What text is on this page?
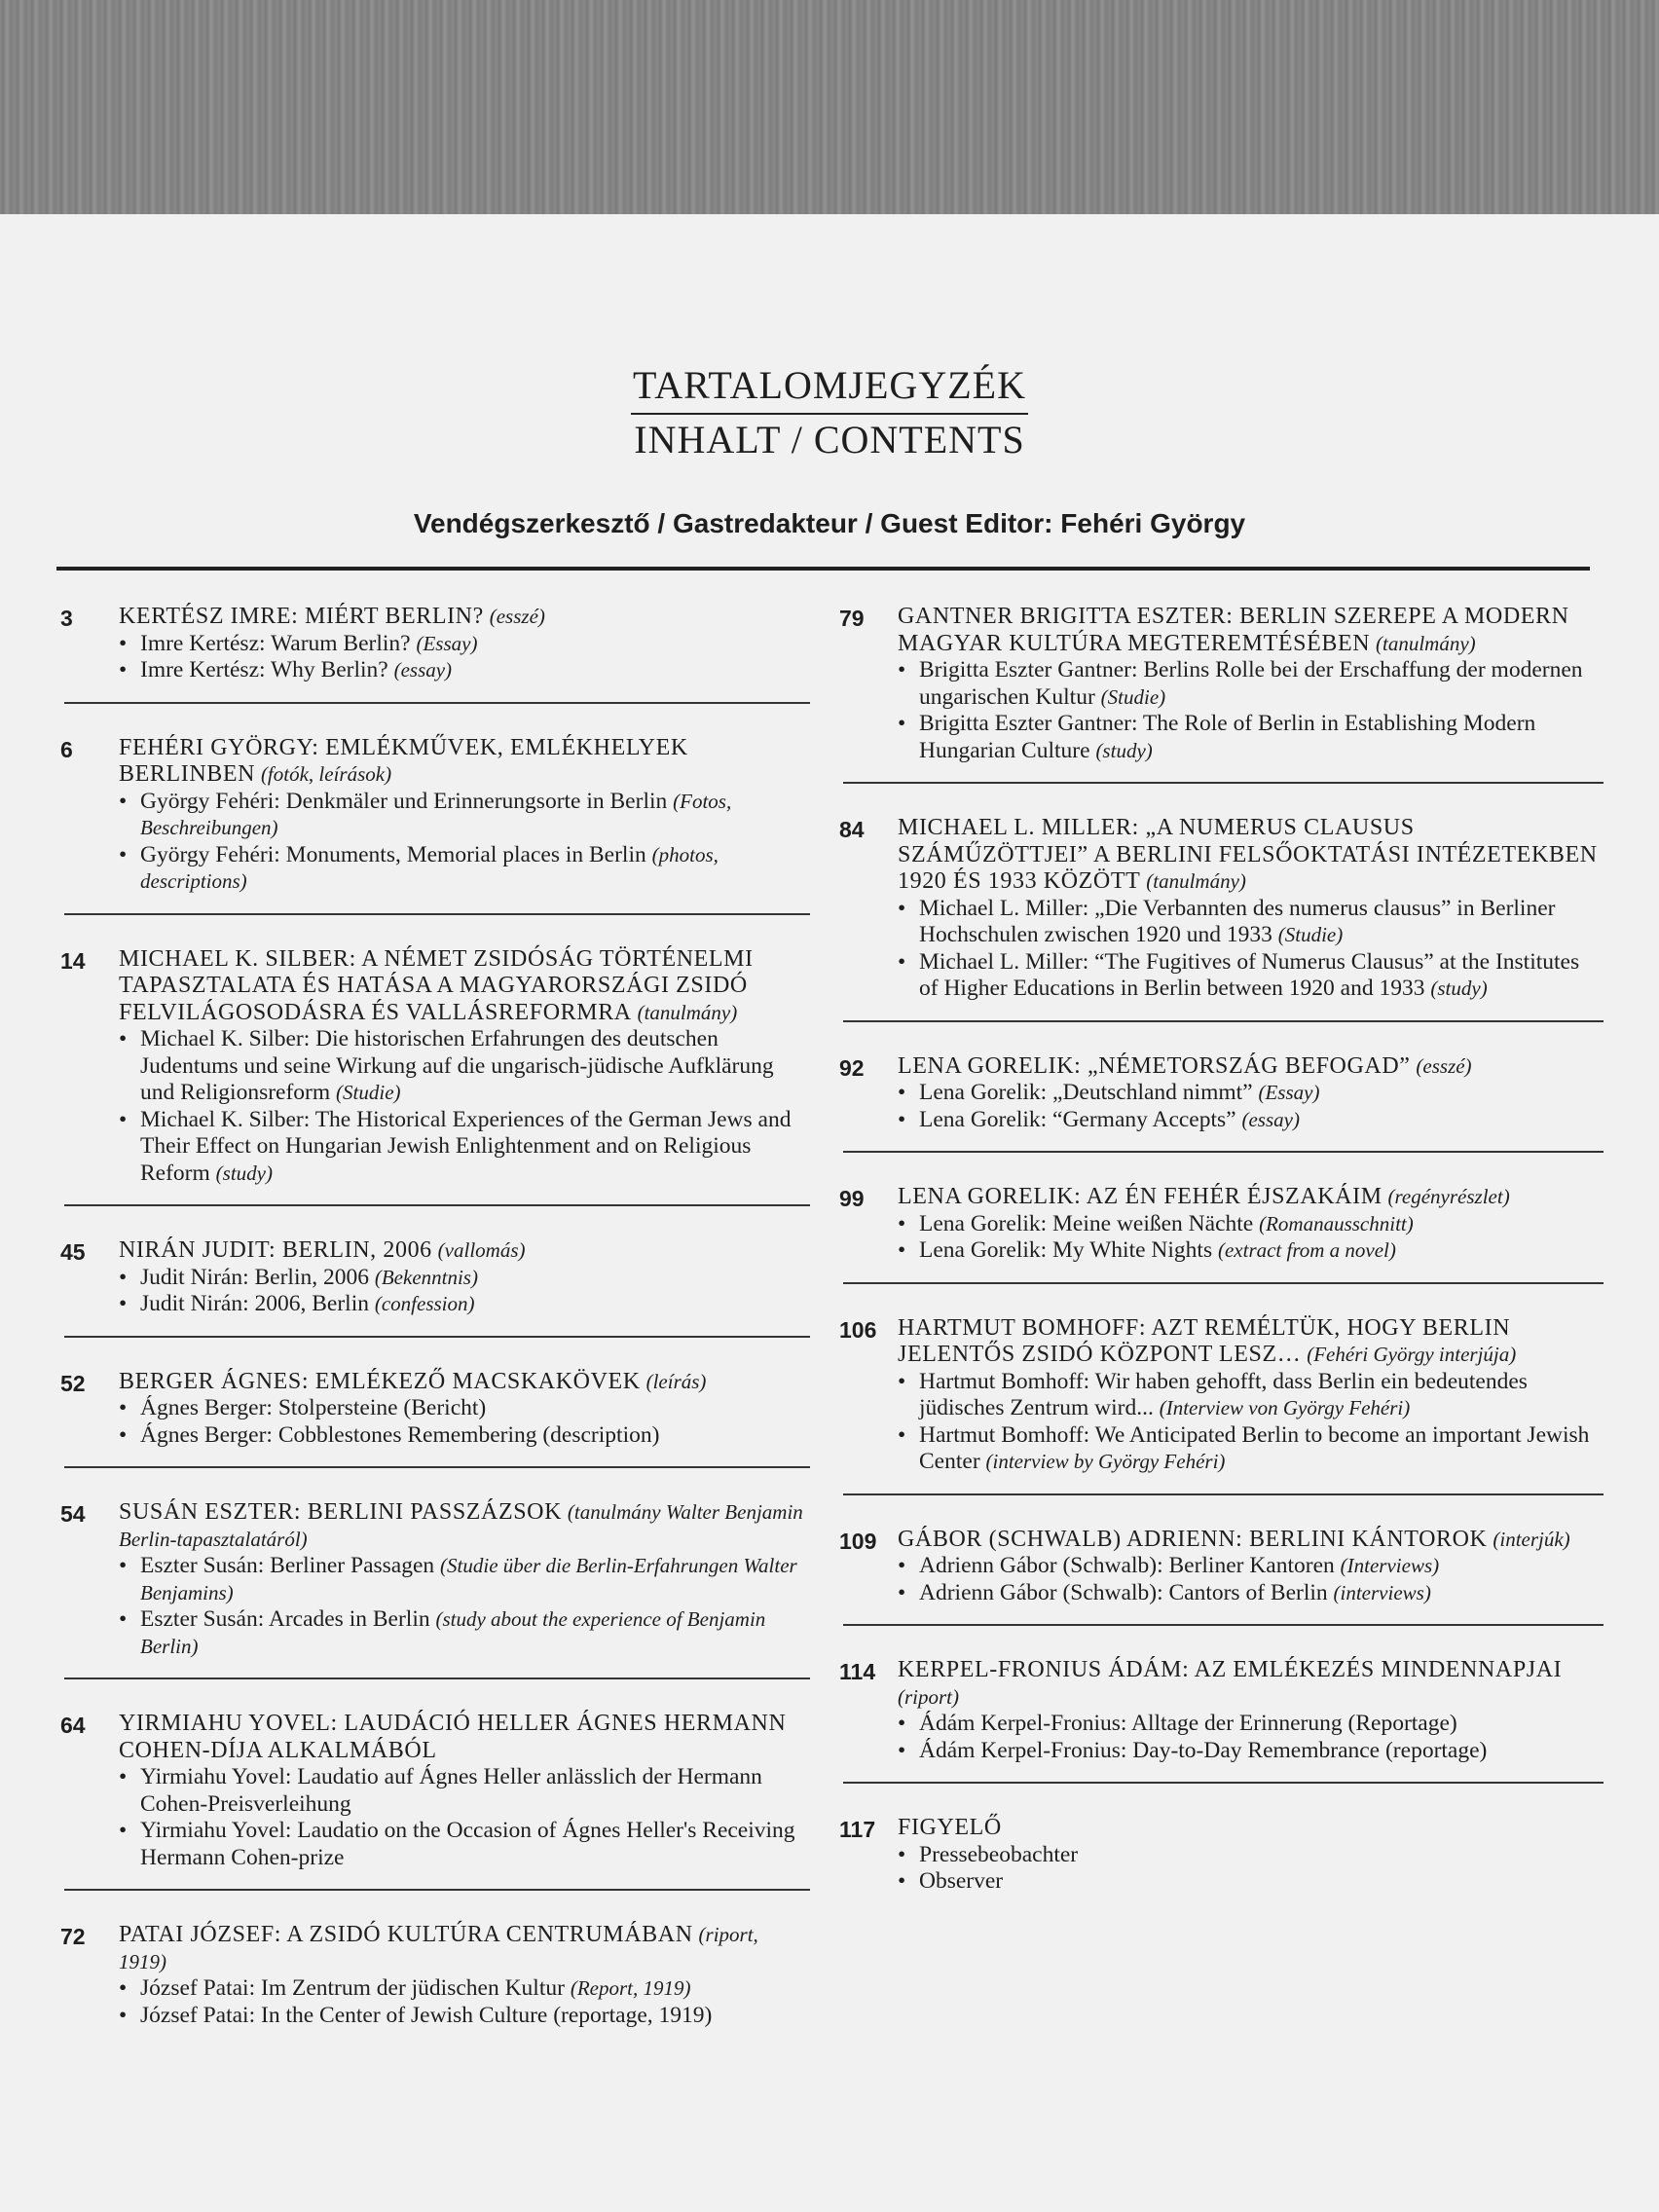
TARTALOMJEGYZÉK
INHALT / CONTENTS
Vendégszerkesztő / Gastredakteur / Guest Editor: Fehéri György
3 KERTÉSZ IMRE: MIÉRT BERLIN? (esszé)
• Imre Kertész: Warum Berlin? (Essay)
• Imre Kertész: Why Berlin? (essay)
6 FEHÉRI GYÖRGY: EMLÉKMŰVEK, EMLÉKHELYEK BERLINBEN (fotók, leírások)
• György Fehéri: Denkmäler und Erinnerungsorte in Berlin (Fotos, Beschreibungen)
• György Fehéri: Monuments, Memorial places in Berlin (photos, descriptions)
14 MICHAEL K. SILBER: A NÉMET ZSIDÓSÁG TÖRTÉNELMI TAPASZTALATA ÉS HATÁSA A MAGYARORSZÁGI ZSIDÓ FELVILÁGOSODÁSRA ÉS VALLÁSREFORMRA (tanulmány)
• Michael K. Silber: Die historischen Erfahrungen des deutschen Judentums und seine Wirkung auf die ungarisch-jüdische Aufklärung und Religionsreform (Studie)
• Michael K. Silber: The Historical Experiences of the German Jews and Their Effect on Hungarian Jewish Enlightenment and on Religious Reform (study)
45 NIRÁN JUDIT: BERLIN, 2006 (vallomás)
• Judit Nirán: Berlin, 2006 (Bekenntnis)
• Judit Nirán: 2006, Berlin (confession)
52 BERGER ÁGNES: EMLÉKEZŐ MACSKAKÖVEK (leírás)
• Ágnes Berger: Stolpersteine (Bericht)
• Ágnes Berger: Cobblestones Remembering (description)
54 SUSÁN ESZTER: BERLINI PASSZÁZSOK (tanulmány Walter Benjamin Berlin-tapasztalatáról)
• Eszter Susán: Berliner Passagen (Studie über die Berlin-Erfahrungen Walter Benjamins)
• Eszter Susán: Arcades in Berlin (study about the experience of Benjamin Berlin)
64 YIRMIAHU YOVEL: LAUDÁCIÓ HELLER ÁGNES HERMANN COHEN-DÍJA ALKALMÁBÓL
• Yirmiahu Yovel: Laudatio auf Ágnes Heller anlässlich der Hermann Cohen-Preisverleihung
• Yirmiahu Yovel: Laudatio on the Occasion of Ágnes Heller's Receiving Hermann Cohen-prize
72 PATAI JÓZSEF: A ZSIDÓ KULTÚRA CENTRUMÁBAN (riport, 1919)
• József Patai: Im Zentrum der jüdischen Kultur (Report, 1919)
• József Patai: In the Center of Jewish Culture (reportage, 1919)
79 GANTNER BRIGITTA ESZTER: BERLIN SZEREPE A MODERN MAGYAR KULTÚRA MEGTEREMTÉSÉBEN (tanulmány)
• Brigitta Eszter Gantner: Berlins Rolle bei der Erschaffung der modernen ungarischen Kultur (Studie)
• Brigitta Eszter Gantner: The Role of Berlin in Establishing Modern Hungarian Culture (study)
84 MICHAEL L. MILLER: „A NUMERUS CLAUSUS SZÁMŰZÖTTJEI” A BERLINI FELSŐOKTATÁSI INTÉZETEKBEN 1920 ÉS 1933 KÖZÖTT (tanulmány)
• Michael L. Miller: „Die Verbannten des numerus clausus” in Berliner Hochschulen zwischen 1920 und 1933 (Studie)
• Michael L. Miller: “The Fugitives of Numerus Clausus” at the Institutes of Higher Educations in Berlin between 1920 and 1933 (study)
92 LENA GORELIK: „NÉMETORSZÁG BEFOGAD” (esszé)
• Lena Gorelik: „Deutschland nimmt” (Essay)
• Lena Gorelik: “Germany Accepts” (essay)
99 LENA GORELIK: AZ ÉN FEHÉR ÉJSZAKÁIM (regényrészlet)
• Lena Gorelik: Meine weißen Nächte (Romanausschnitt)
• Lena Gorelik: My White Nights (extract from a novel)
106 HARTMUT BOMHOFF: AZT REMÉLTÜK, HOGY BERLIN JELENTŐS ZSIDÓ KÖZPONT LESZ… (Fehéri György interjúja)
• Hartmut Bomhoff: Wir haben gehofft, dass Berlin ein bedeutendes jüdisches Zentrum wird... (Interview von György Fehéri)
• Hartmut Bomhoff: We Anticipated Berlin to become an important Jewish Center (interview by György Fehéri)
109 GÁBOR (SCHWALB) ADRIENN: BERLINI KÁNTOROK (interjúk)
• Adrienn Gábor (Schwalb): Berliner Kantoren (Interviews)
• Adrienn Gábor (Schwalb): Cantors of Berlin (interviews)
114 KERPEL-FRONIUS ÁDÁM: AZ EMLÉKEZÉS MINDENNAPJAI (riport)
• Ádám Kerpel-Fronius: Alltage der Erinnerung (Reportage)
• Ádám Kerpel-Fronius: Day-to-Day Remembrance (reportage)
117 FIGYELŐ
• Pressebeobachter
• Observer
